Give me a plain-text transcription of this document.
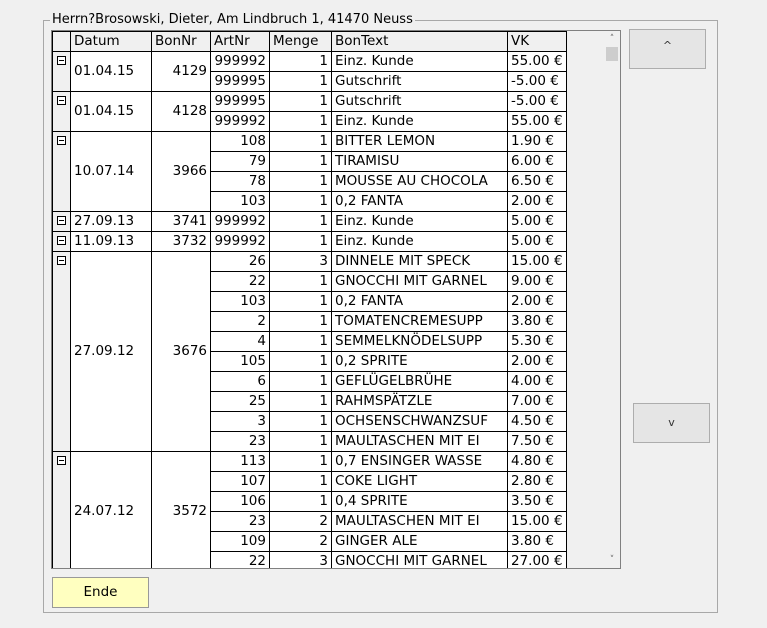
Herrn?Brosowski, Dieter, Am Lindbruch 1, 41470 Neuss
	Datum	BonNr	ArtNr	Menge	BonText	VK
	01.04.15	4129	999992	1	Einz. Kunde	55.00 €
			999995	1	Gutschrift	-5.00 €
	01.04.15	4128	999995	1	Gutschrift	-5.00 €
			999992	1	Einz. Kunde	55.00 €
	10.07.14	3966	108	1	BITTER LEMON	1.90 €
			79	1	TIRAMISU	6.00 €
			78	1	MOUSSE AU CHOCOLA	6.50 €
			103	1	0,2 FANTA	2.00 €
	27.09.13	3741	999992	1	Einz. Kunde	5.00 €
	11.09.13	3732	999992	1	Einz. Kunde	5.00 €
	27.09.12	3676	26	3	DINNELE MIT SPECK	15.00 €
			22	1	GNOCCHI MIT GARNEL	9.00 €
			103	1	0,2 FANTA	2.00 €
			2	1	TOMATENCREMESUPP	3.80 €
			4	1	SEMMELKNÖDELSUPP	5.30 €
			105	1	0,2 SPRITE	2.00 €
			6	1	GEFLÜGELBRÜHE	4.00 €
			25	1	RAHMSPÄTZLE	7.00 €
			3	1	OCHSENSCHWANZSUF	4.50 €
			23	1	MAULTASCHEN MIT EI	7.50 €
	24.07.12	3572	113	1	0,7 ENSINGER WASSE	4.80 €
			107	1	COKE LIGHT	2.80 €
			106	1	0,4 SPRITE	3.50 €
			23	2	MAULTASCHEN MIT EI	15.00 €
			109	2	GINGER ALE	3.80 €
			22	3	GNOCCHI MIT GARNEL	27.00 €
˄
˅
^
v
Ende
